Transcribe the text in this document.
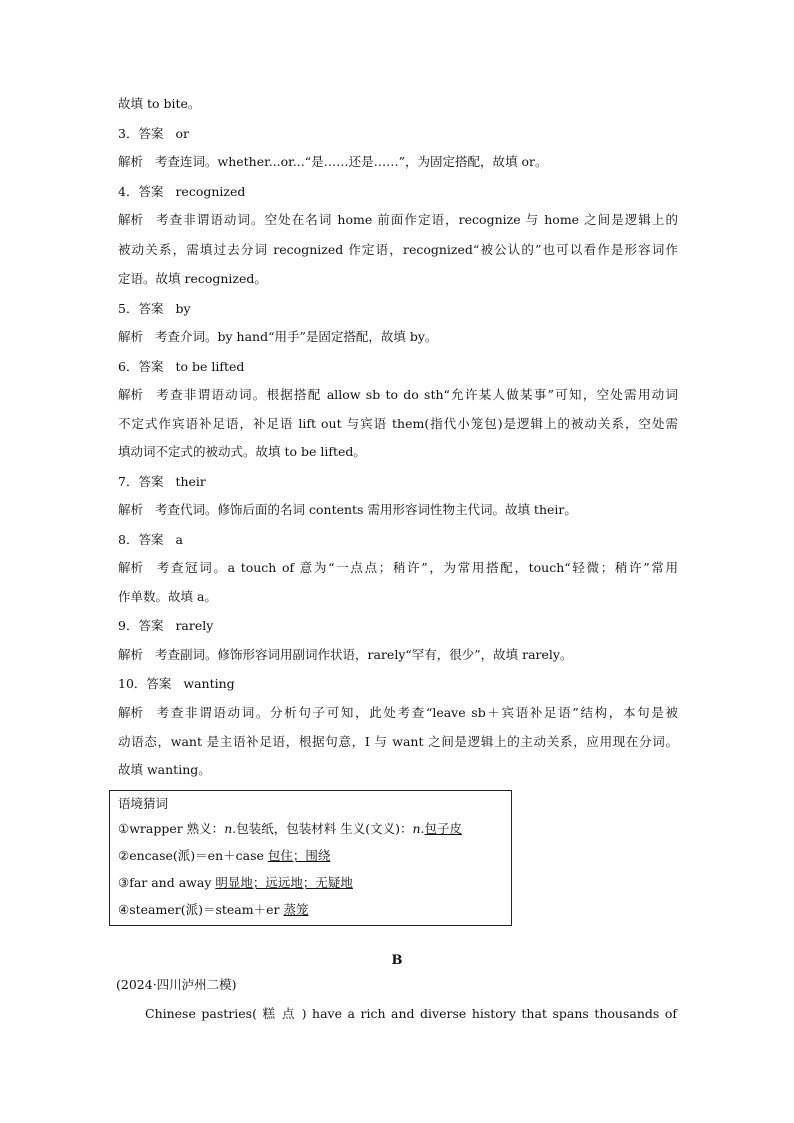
故填 to bite。
3．答案 or
解析 考查连词。whether...or...“是……还是……”，为固定搭配，故填 or。
4．答案 recognized
解析 考查非谓语动词。空处在名词 home 前面作定语，recognize 与 home 之间是逻辑上的
被动关系，需填过去分词 recognized 作定语，recognized“被公认的”也可以看作是形容词作
定语。故填 recognized。
5．答案 by
解析 考查介词。by hand“用手”是固定搭配，故填 by。
6．答案 to be lifted
解析 考查非谓语动词。根据搭配 allow sb to do sth“允许某人做某事”可知，空处需用动词
不定式作宾语补足语，补足语 lift out 与宾语 them(指代小笼包)是逻辑上的被动关系，空处需
填动词不定式的被动式。故填 to be lifted。
7．答案 their
解析 考查代词。修饰后面的名词 contents 需用形容词性物主代词。故填 their。
8．答案 a
解析 考查冠词。a touch of 意为“一点点；稍许”，为常用搭配，touch“轻微；稍许”常用
作单数。故填 a。
9．答案 rarely
解析 考查副词。修饰形容词用副词作状语，rarely“罕有，很少”，故填 rarely。
10．答案 wanting
解析 考查非谓语动词。分析句子可知，此处考查“leave sb＋宾语补足语”结构，本句是被
动语态，want 是主语补足语，根据句意，I 与 want 之间是逻辑上的主动关系，应用现在分词。
故填 wanting。
语境猜词
①wrapper 熟义：n.包装纸，包装材料 生义(文义)：n.包子皮
②encase(派)＝en＋case 包住；围绕
③far and away 明显地；远远地；无疑地
④steamer(派)＝steam＋er 蒸笼
B
(2024·四川泸州二模)
Chinese pastries( 糕 点 ) have a rich and diverse history that spans thousands of
